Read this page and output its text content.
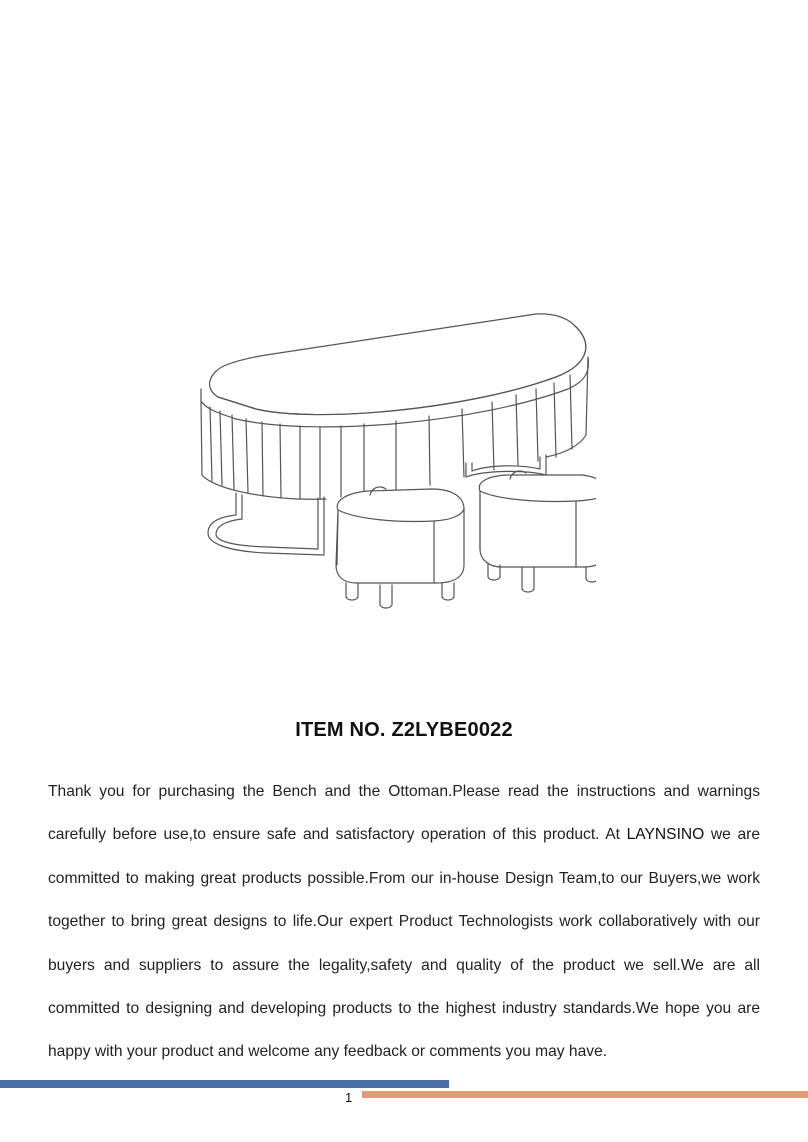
ITEM NO. Z2LYBE0022

Thank you for purchasing the Bench and the Ottoman.Please read the instructions and warnings carefully before use,to ensure safe and satisfactory operation of this product. At LAYNSINO we are committed to making great products possible.From our in-house Design Team,to our Buyers,we work together to bring great designs to life.Our expert Product Technologists work collaboratively with our buyers and suppliers to assure the legality,safety and quality of the product we sell.We are all committed to designing and developing products to the highest industry standards.We hope you are happy with your product and welcome any feedback or comments you may have.

1
